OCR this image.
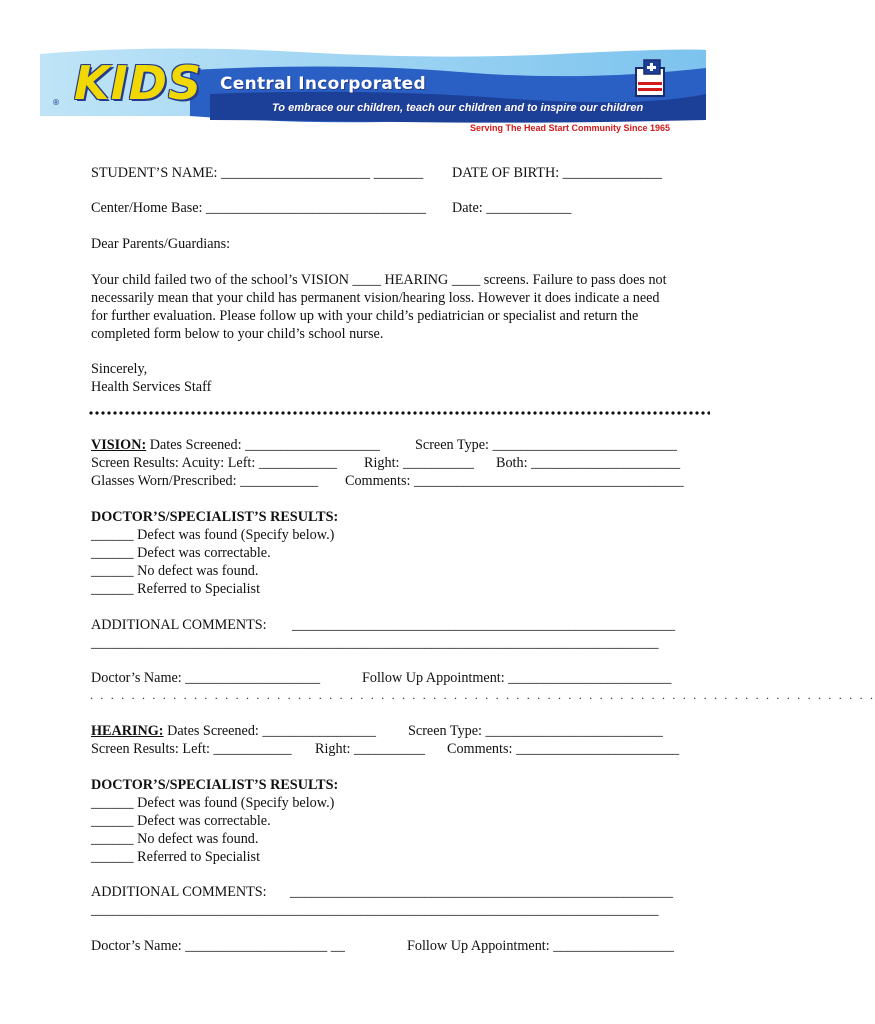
® KIDS Central Incorporated
To embrace our children, teach our children and to inspire our children
Serving The Head Start Community Since 1965
STUDENT’S NAME: _____________________ _______ DATE OF BIRTH: ______________
Center/Home Base: _______________________________ Date: ____________
Dear Parents/Guardians:
Your child failed two of the school’s VISION ____ HEARING ____ screens. Failure to pass does not
necessarily mean that your child has permanent vision/hearing loss. However it does indicate a need
for further evaluation. Please follow up with your child’s pediatrician or specialist and return the
completed form below to your child’s school nurse.
Sincerely,
Health Services Staff
VISION: Dates Screened: ___________________ Screen Type: __________________________
Screen Results: Acuity: Left: ___________ Right: __________ Both: _____________________
Glasses Worn/Prescribed: ___________ Comments: ______________________________________
DOCTOR’S/SPECIALIST’S RESULTS:
______ Defect was found (Specify below.)
______ Defect was correctable.
______ No defect was found.
______ Referred to Specialist
ADDITIONAL COMMENTS: ______________________________________________________
________________________________________________________________________________
Doctor’s Name: ___________________	Follow Up Appointment: _______________________
. . . . . . . . . . . . . . . . . . . . . . . . . . . . . . . . . . . . . . . . . . . . . . . . . . . . . . . . . . . . . . . . . . . . . . . . . . . .
HEARING: Dates Screened: ________________ Screen Type: _________________________
Screen Results: Left: ___________ Right: __________ Comments: _______________________
DOCTOR’S/SPECIALIST’S RESULTS:
______ Defect was found (Specify below.)
______ Defect was correctable.
______ No defect was found.
______ Referred to Specialist
ADDITIONAL COMMENTS: ______________________________________________________
________________________________________________________________________________
Doctor’s Name: ____________________ __	Follow Up Appointment: _________________
